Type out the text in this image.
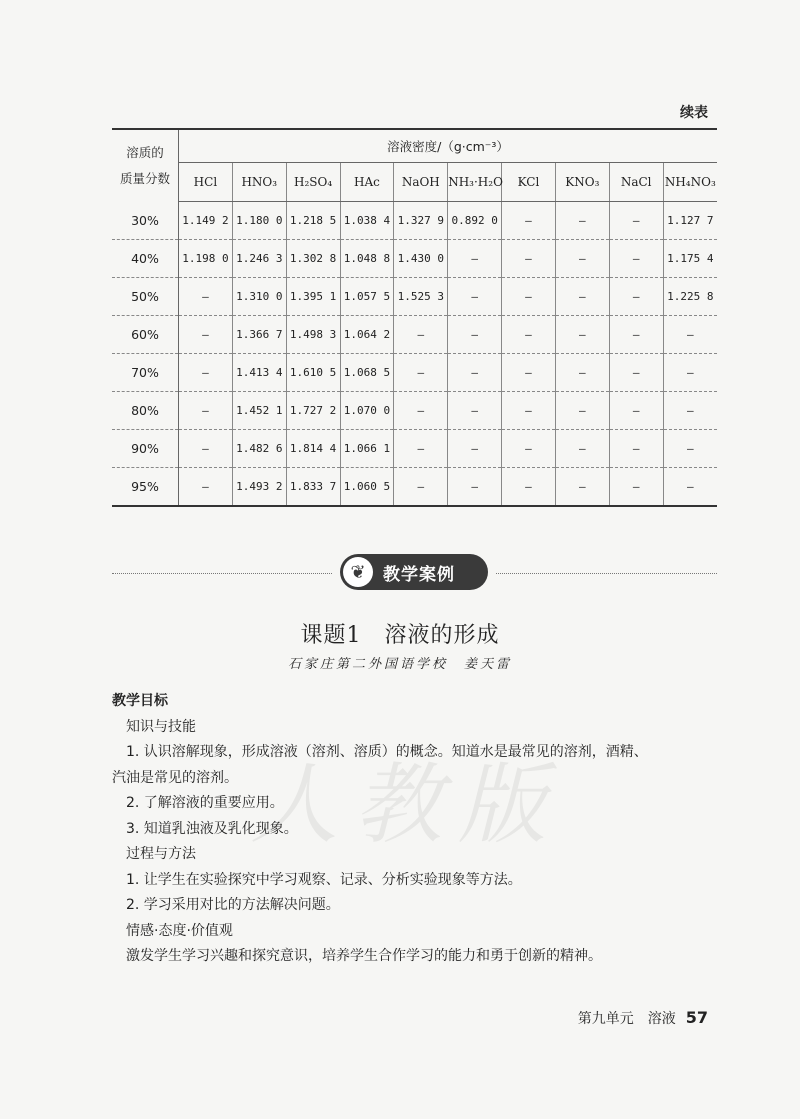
续表
溶质的
质量分数	溶液密度/（g·cm⁻³）									
	HCl	HNO₃	H₂SO₄	HAc	NaOH	NH₃·H₂O	KCl	KNO₃	NaCl	NH₄NO₃
30%	1.149 2	1.180 0	1.218 5	1.038 4	1.327 9	0.892 0	—	—	—	1.127 7
40%	1.198 0	1.246 3	1.302 8	1.048 8	1.430 0	—	—	—	—	1.175 4
50%	—	1.310 0	1.395 1	1.057 5	1.525 3	—	—	—	—	1.225 8
60%	—	1.366 7	1.498 3	1.064 2	—	—	—	—	—	—
70%	—	1.413 4	1.610 5	1.068 5	—	—	—	—	—	—
80%	—	1.452 1	1.727 2	1.070 0	—	—	—	—	—	—
90%	—	1.482 6	1.814 4	1.066 1	—	—	—	—	—	—
95%	—	1.493 2	1.833 7	1.060 5	—	—	—	—	—	—
❦	教学案例
课题1　溶液的形成
石家庄第二外国语学校　姜天雷
人教版

教学目标

知识与技能

1. 认识溶解现象，形成溶液（溶剂、溶质）的概念。知道水是最常见的溶剂，酒精、

汽油是常见的溶剂。

2. 了解溶液的重要应用。

3. 知道乳浊液及乳化现象。

过程与方法

1. 让学生在实验探究中学习观察、记录、分析实验现象等方法。

2. 学习采用对比的方法解决问题。

情感·态度·价值观

激发学生学习兴趣和探究意识，培养学生合作学习的能力和勇于创新的精神。

第九单元　溶液 57
